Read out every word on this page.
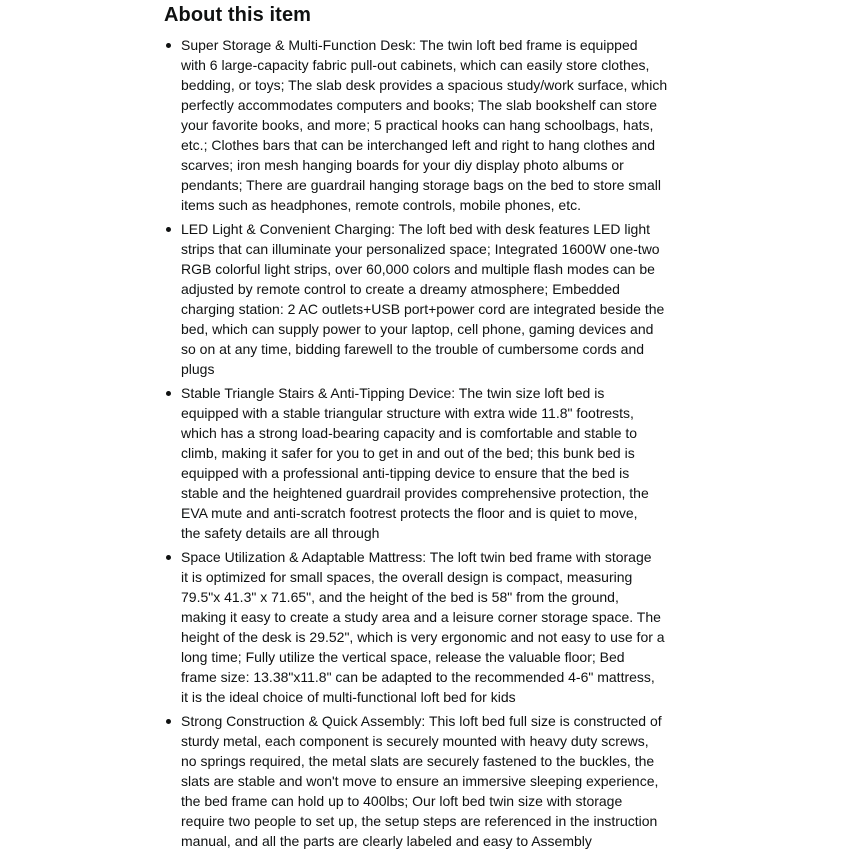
About this item
Super Storage & Multi-Function Desk: The twin loft bed frame is equipped
with 6 large-capacity fabric pull-out cabinets, which can easily store clothes,
bedding, or toys; The slab desk provides a spacious study/work surface, which
perfectly accommodates computers and books; The slab bookshelf can store
your favorite books, and more; 5 practical hooks can hang schoolbags, hats,
etc.; Clothes bars that can be interchanged left and right to hang clothes and
scarves; iron mesh hanging boards for your diy display photo albums or
pendants; There are guardrail hanging storage bags on the bed to store small
items such as headphones, remote controls, mobile phones, etc.
LED Light & Convenient Charging: The loft bed with desk features LED light
strips that can illuminate your personalized space; Integrated 1600W one-two
RGB colorful light strips, over 60,000 colors and multiple flash modes can be
adjusted by remote control to create a dreamy atmosphere; Embedded
charging station: 2 AC outlets+USB port+power cord are integrated beside the
bed, which can supply power to your laptop, cell phone, gaming devices and
so on at any time, bidding farewell to the trouble of cumbersome cords and
plugs
Stable Triangle Stairs & Anti-Tipping Device: The twin size loft bed is
equipped with a stable triangular structure with extra wide 11.8" footrests,
which has a strong load-bearing capacity and is comfortable and stable to
climb, making it safer for you to get in and out of the bed; this bunk bed is
equipped with a professional anti-tipping device to ensure that the bed is
stable and the heightened guardrail provides comprehensive protection, the
EVA mute and anti-scratch footrest protects the floor and is quiet to move,
the safety details are all through
Space Utilization & Adaptable Mattress: The loft twin bed frame with storage
it is optimized for small spaces, the overall design is compact, measuring
79.5"x 41.3" x 71.65", and the height of the bed is 58" from the ground,
making it easy to create a study area and a leisure corner storage space. The
height of the desk is 29.52", which is very ergonomic and not easy to use for a
long time; Fully utilize the vertical space, release the valuable floor; Bed
frame size: 13.38"x11.8" can be adapted to the recommended 4-6" mattress,
it is the ideal choice of multi-functional loft bed for kids
Strong Construction & Quick Assembly: This loft bed full size is constructed of
sturdy metal, each component is securely mounted with heavy duty screws,
no springs required, the metal slats are securely fastened to the buckles, the
slats are stable and won't move to ensure an immersive sleeping experience,
the bed frame can hold up to 400lbs; Our loft bed twin size with storage
require two people to set up, the setup steps are referenced in the instruction
manual, and all the parts are clearly labeled and easy to Assembly
